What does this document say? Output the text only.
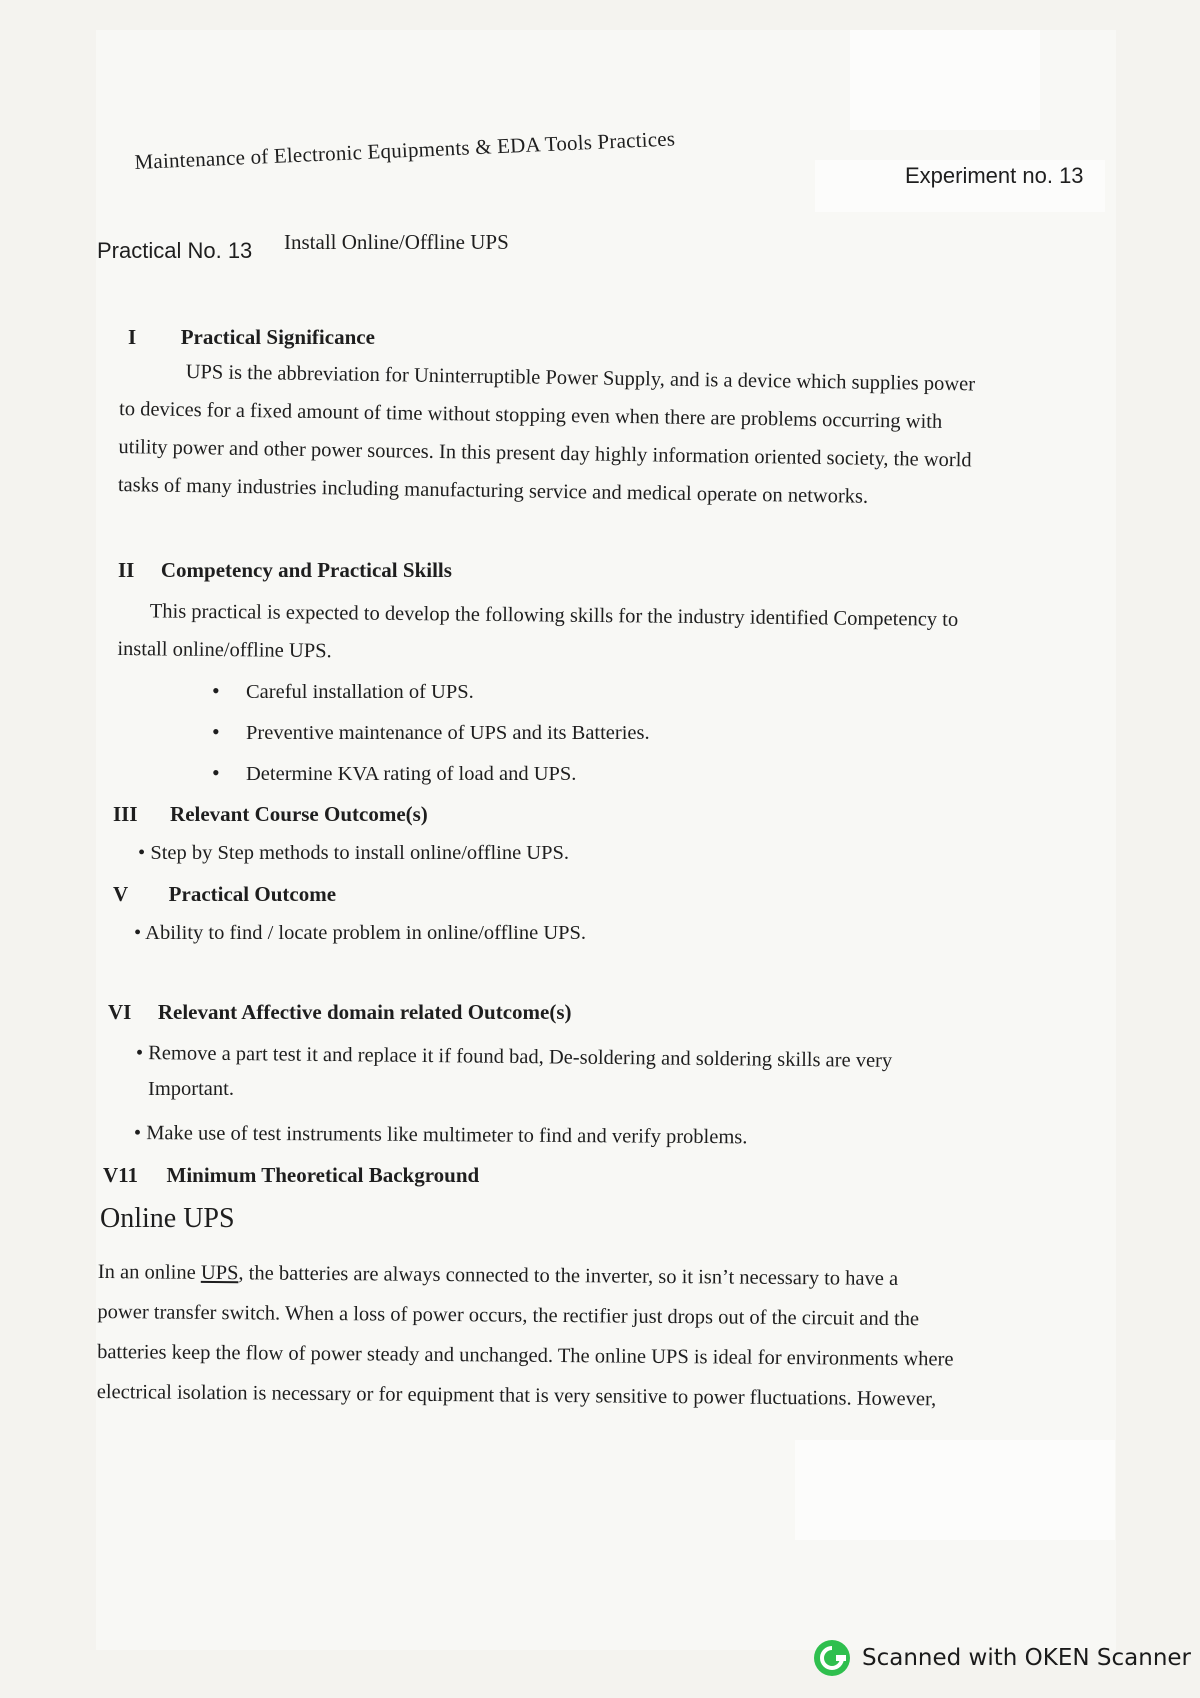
Maintenance of Electronic Equipments & EDA Tools Practices
Experiment no. 13
Practical No. 13 Install Online/Offline UPS
I Practical Significance
UPS is the abbreviation for Uninterruptible Power Supply, and is a device which supplies power
to devices for a fixed amount of time without stopping even when there are problems occurring with
utility power and other power sources. In this present day highly information oriented society, the world
tasks of many industries including manufacturing service and medical operate on networks.
II Competency and Practical Skills
This practical is expected to develop the following skills for the industry identified Competency to
install online/offline UPS.
•	Careful installation of UPS.
•	Preventive maintenance of UPS and its Batteries.
•	Determine KVA rating of load and UPS.
III Relevant Course Outcome(s)
• Step by Step methods to install online/offline UPS.
V Practical Outcome
• Ability to find / locate problem in online/offline UPS.
VI Relevant Affective domain related Outcome(s)
• Remove a part test it and replace it if found bad, De-soldering and soldering skills are very
Important.
• Make use of test instruments like multimeter to find and verify problems.
V11 Minimum Theoretical Background
Online UPS
In an online UPS, the batteries are always connected to the inverter, so it isn’t necessary to have a
power transfer switch. When a loss of power occurs, the rectifier just drops out of the circuit and the
batteries keep the flow of power steady and unchanged. The online UPS is ideal for environments where
electrical isolation is necessary or for equipment that is very sensitive to power fluctuations. However,
Scanned with OKEN Scanner
